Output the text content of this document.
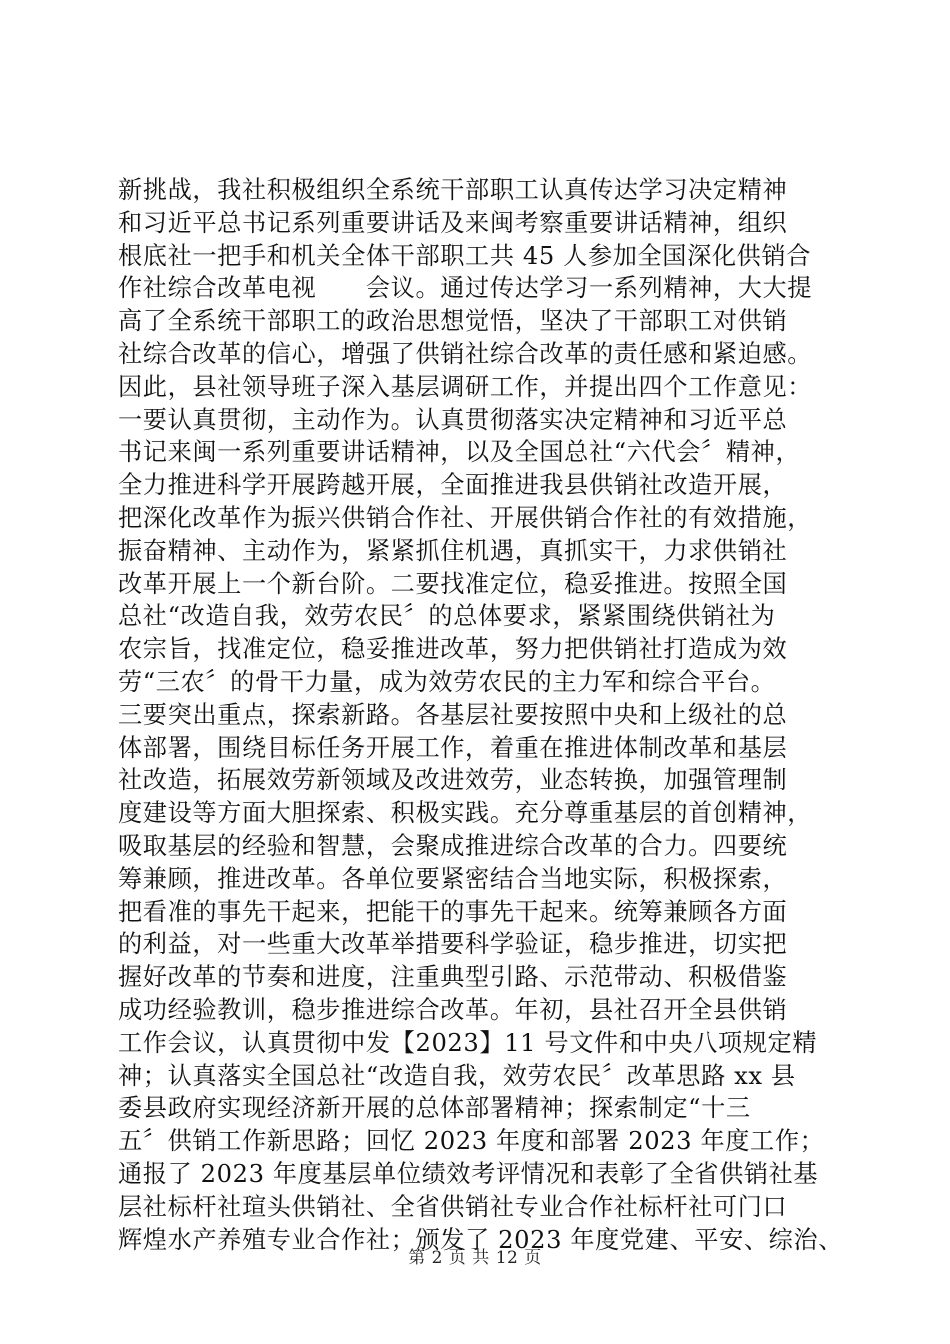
新挑战，我社积极组织全系统干部职工认真传达学习决定精神
和习近平总书记系列重要讲话及来闽考察重要讲话精神，组织
根底社一把手和机关全体干部职工共 45 人参加全国深化供销合
作社综合改革电视　　会议。通过传达学习一系列精神，大大提
高了全系统干部职工的政治思想觉悟，坚决了干部职工对供销
社综合改革的信心，增强了供销社综合改革的责任感和紧迫感。
因此，县社领导班子深入基层调研工作，并提出四个工作意见：
一要认真贯彻，主动作为。认真贯彻落实决定精神和习近平总
书记来闽一系列重要讲话精神，以及全国总社“六代会〞精神，
全力推进科学开展跨越开展，全面推进我县供销社改造开展，
把深化改革作为振兴供销合作社、开展供销合作社的有效措施，
振奋精神、主动作为，紧紧抓住机遇，真抓实干，力求供销社
改革开展上一个新台阶。二要找准定位，稳妥推进。按照全国
总社“改造自我，效劳农民〞的总体要求，紧紧围绕供销社为
农宗旨，找准定位，稳妥推进改革，努力把供销社打造成为效
劳“三农〞的骨干力量，成为效劳农民的主力军和综合平台。
三要突出重点，探索新路。各基层社要按照中央和上级社的总
体部署，围绕目标任务开展工作，着重在推进体制改革和基层
社改造，拓展效劳新领域及改进效劳，业态转换，加强管理制
度建设等方面大胆探索、积极实践。充分尊重基层的首创精神，
吸取基层的经验和智慧，会聚成推进综合改革的合力。四要统
筹兼顾，推进改革。各单位要紧密结合当地实际，积极探索，
把看准的事先干起来，把能干的事先干起来。统筹兼顾各方面
的利益，对一些重大改革举措要科学验证，稳步推进，切实把
握好改革的节奏和进度，注重典型引路、示范带动、积极借鉴
成功经验教训，稳步推进综合改革。年初，县社召开全县供销
工作会议，认真贯彻中发【2023】11 号文件和中央八项规定精
神；认真落实全国总社“改造自我，效劳农民〞改革思路 xx 县
委县政府实现经济新开展的总体部署精神；探索制定“十三
五〞供销工作新思路；回忆 2023 年度和部署 2023 年度工作；
通报了 2023 年度基层单位绩效考评情况和表彰了全省供销社基
层社标杆社瑄头供销社、全省供销社专业合作社标杆社可门口
辉煌水产养殖专业合作社；颁发了 2023 年度党建、平安、综治、
第 2 页 共 12 页
